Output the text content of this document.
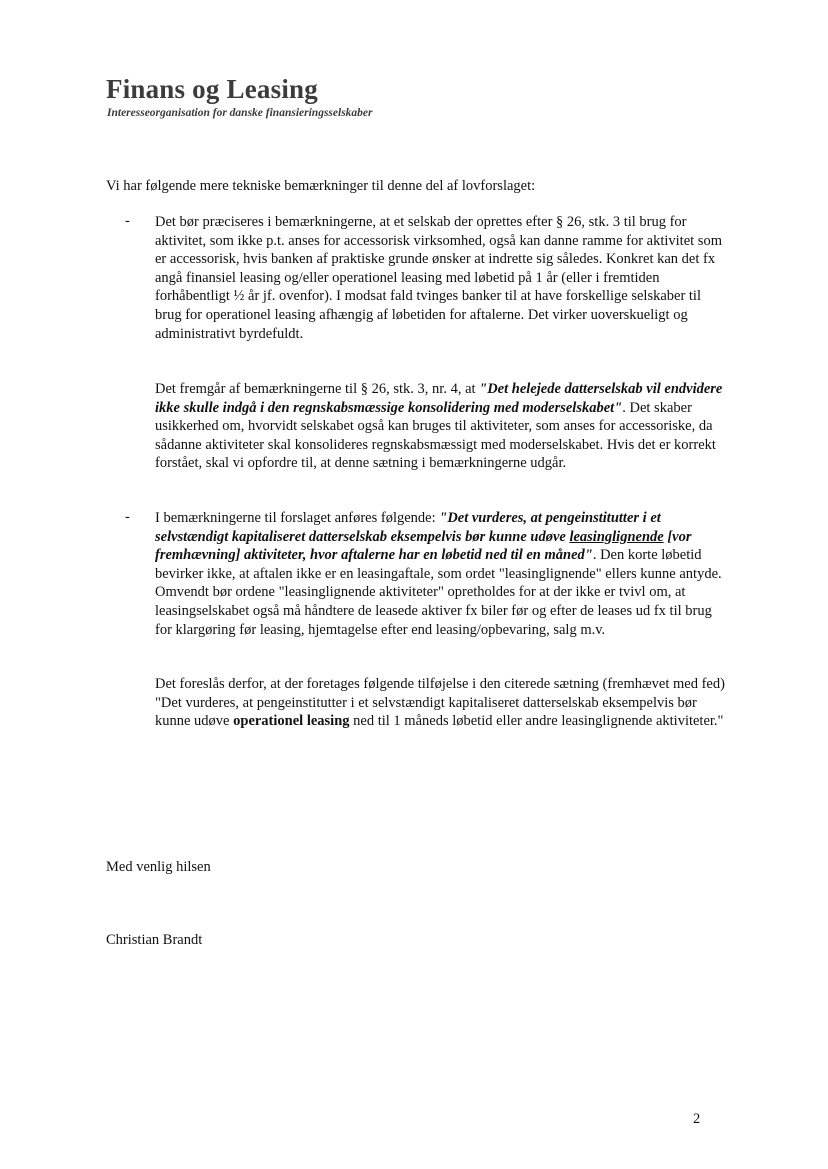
Finans og Leasing
Interesseorganisation for danske finansieringsselskaber
Vi har følgende mere tekniske bemærkninger til denne del af lovforslaget:
- Det bør præciseres i bemærkningerne, at et selskab der oprettes efter § 26, stk. 3 til brug for aktivitet, som ikke p.t. anses for accessorisk virksomhed, også kan danne ramme for aktivitet som er accessorisk, hvis banken af praktiske grunde ønsker at indrette sig således. Konkret kan det fx angå finansiel leasing og/eller operationel leasing med løbetid på 1 år (eller i fremtiden forhåbentligt ½ år jf. ovenfor). I modsat fald tvinges banker til at have forskellige selskaber til brug for operationel leasing afhængig af løbetiden for aftalerne. Det virker uoverskueligt og administrativt byrdefuldt.
Det fremgår af bemærkningerne til § 26, stk. 3, nr. 4, at "Det helejede datterselskab vil endvidere ikke skulle indgå i den regnskabsmæssige konsolidering med moderselskabet". Det skaber usikkerhed om, hvorvidt selskabet også kan bruges til aktiviteter, som anses for accessoriske, da sådanne aktiviteter skal konsolideres regnskabsmæssigt med moderselskabet. Hvis det er korrekt forstået, skal vi opfordre til, at denne sætning i bemærkningerne udgår.
- I bemærkningerne til forslaget anføres følgende: "Det vurderes, at pengeinstitutter i et selvstændigt kapitaliseret datterselskab eksempelvis bør kunne udøve leasinglignende [vor fremhævning] aktiviteter, hvor aftalerne har en løbetid ned til en måned". Den korte løbetid bevirker ikke, at aftalen ikke er en leasingaftale, som ordet "leasinglignende" ellers kunne antyde. Omvendt bør ordene "leasinglignende aktiviteter" opretholdes for at der ikke er tvivl om, at leasingselskabet også må håndtere de leasede aktiver fx biler før og efter de leases ud fx til brug for klargøring før leasing, hjemtagelse efter end leasing/opbevaring, salg m.v.
Det foreslås derfor, at der foretages følgende tilføjelse i den citerede sætning (fremhævet med fed) "Det vurderes, at pengeinstitutter i et selvstændigt kapitaliseret datterselskab eksempelvis bør kunne udøve operationel leasing ned til 1 måneds løbetid eller andre leasinglignende aktiviteter."
Med venlig hilsen
Christian Brandt
2
